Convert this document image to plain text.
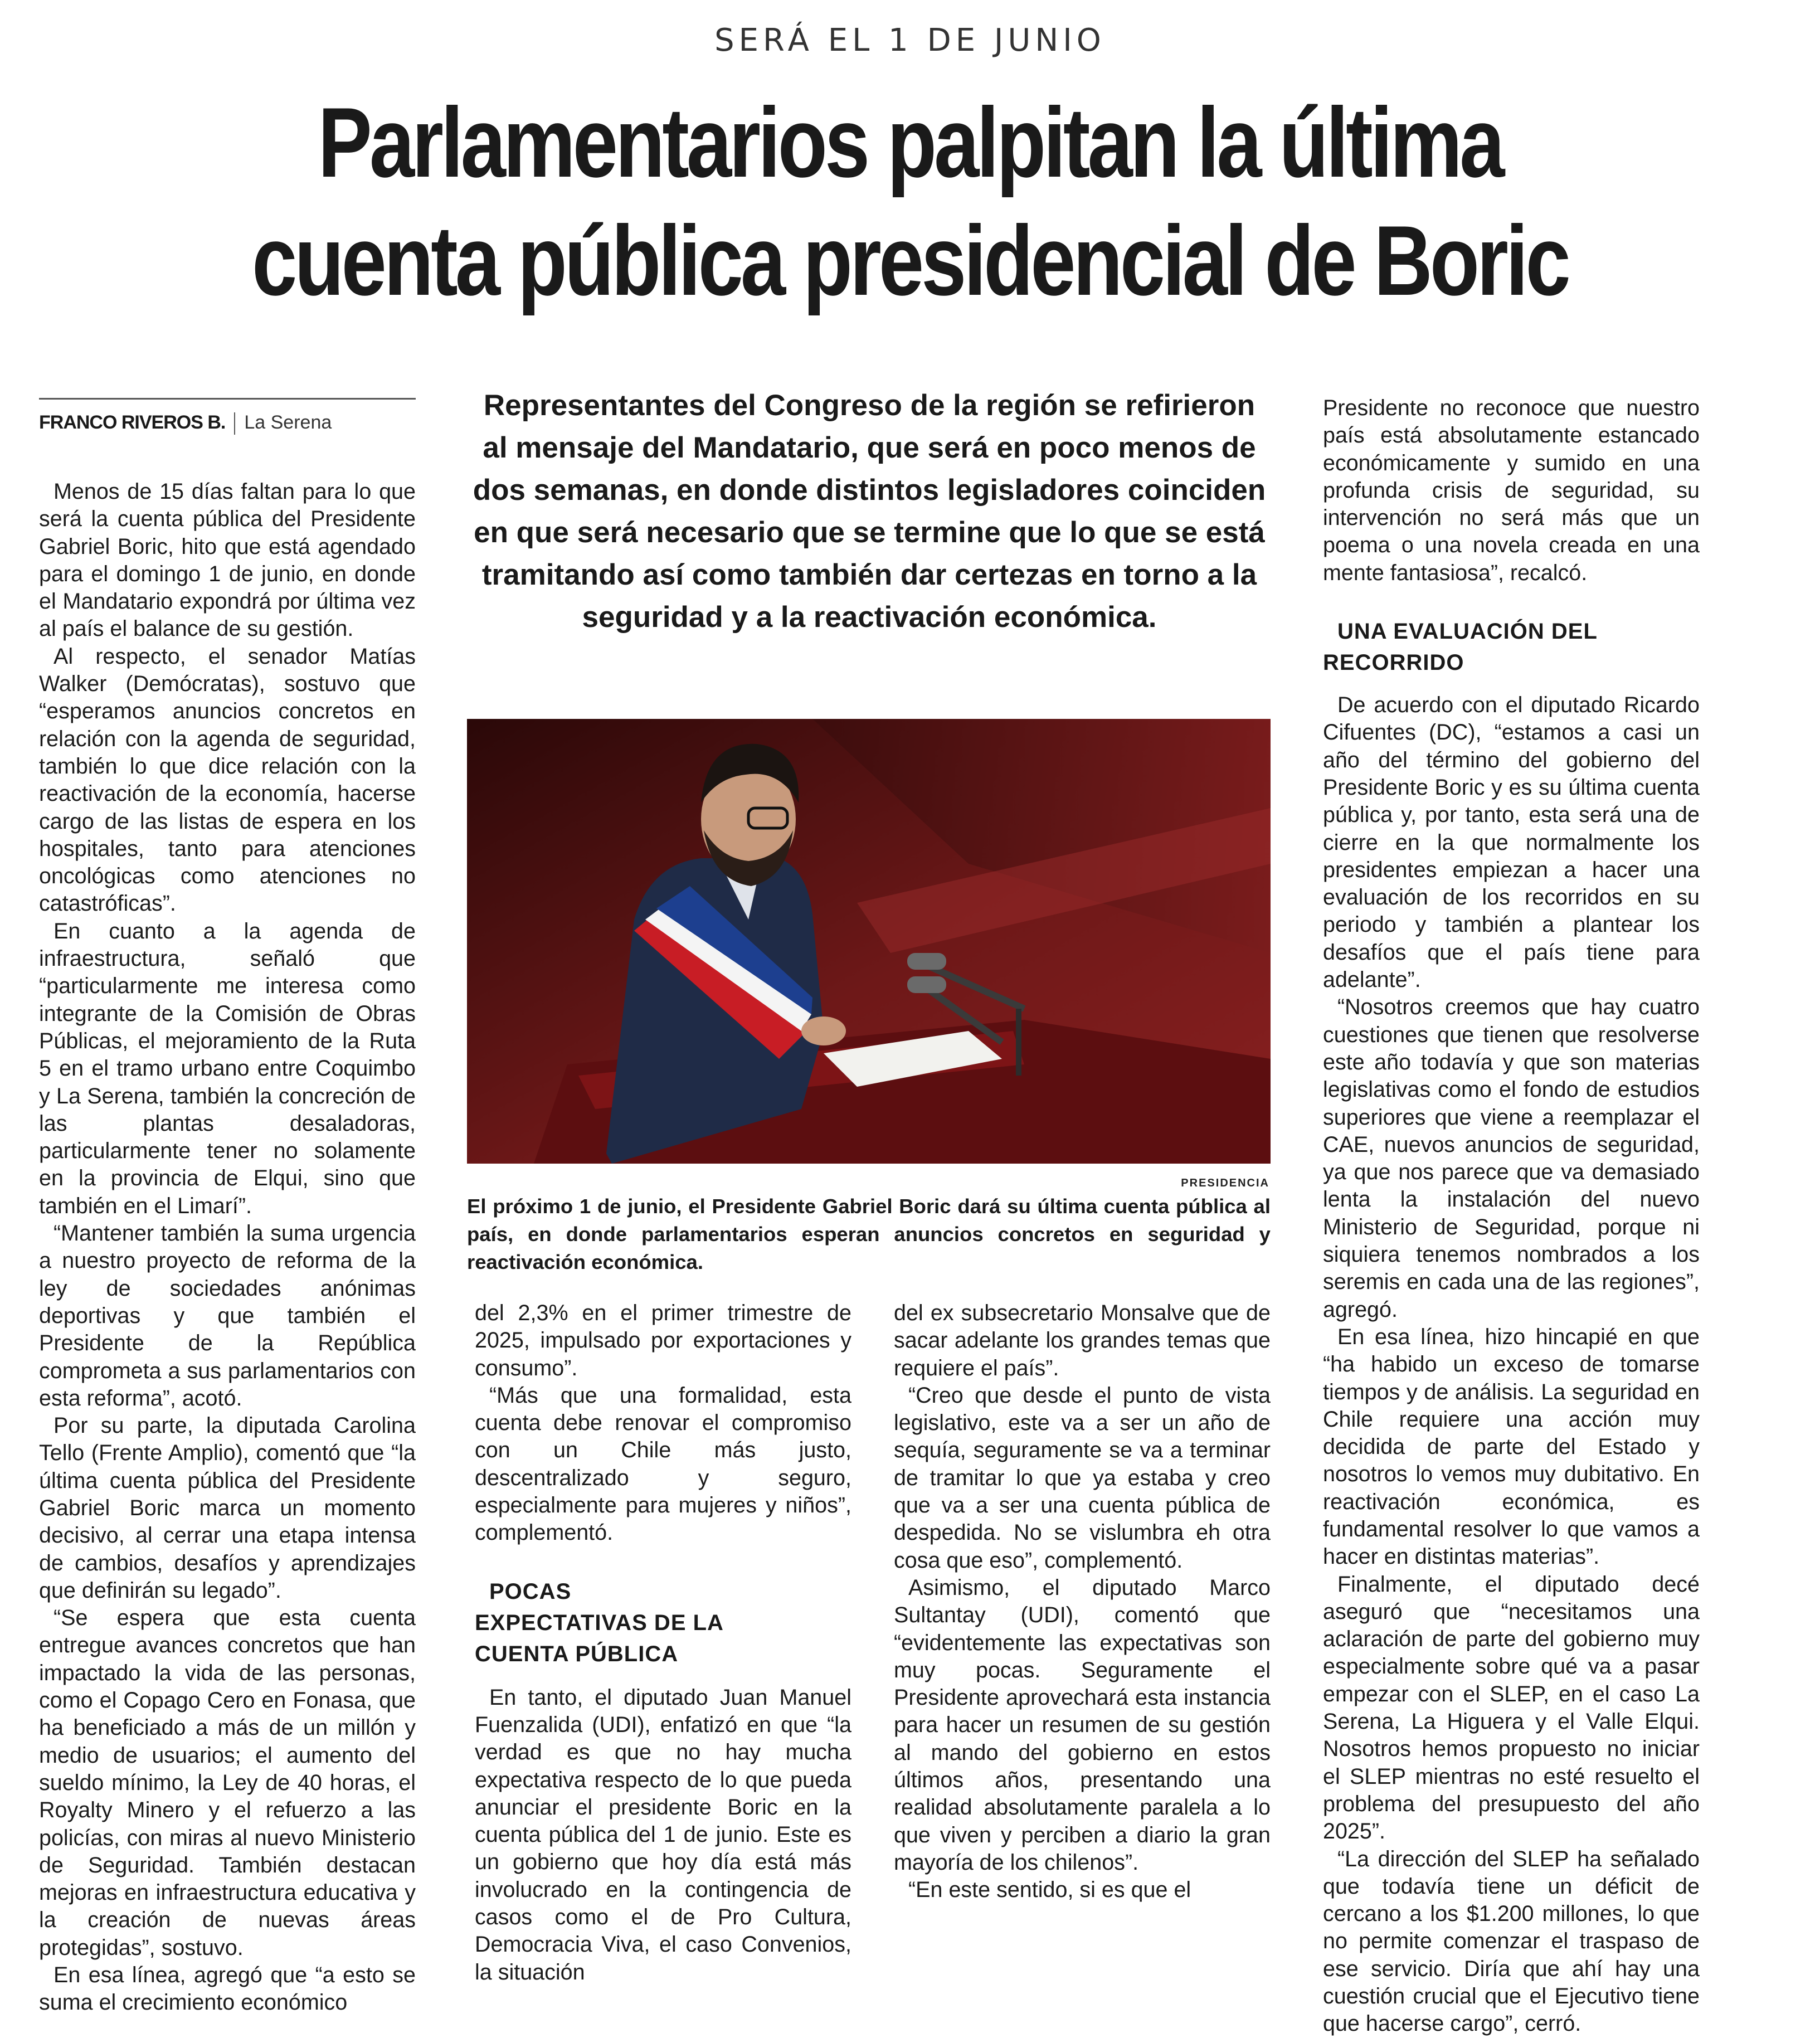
SERÁ EL 1 DE JUNIO
Parlamentarios palpitan la última
cuenta pública presidencial de Boric
FRANCO RIVEROS B. La Serena

Menos de 15 días faltan para lo que será la cuenta pública del Presidente Gabriel Boric, hito que está agendado para el domingo 1 de junio, en donde el Mandatario expondrá por última vez al país el balance de su gestión.

Al respecto, el senador Matías Walker (Demócratas), sostuvo que “esperamos anuncios concretos en relación con la agenda de seguridad, también lo que dice relación con la reactivación de la economía, hacerse cargo de las listas de espera en los hospitales, tanto para atenciones oncológicas como atenciones no catastróficas”.

En cuanto a la agenda de infraestructura, señaló que “particularmente me interesa como integrante de la Comisión de Obras Públicas, el mejoramiento de la Ruta 5 en el tramo urbano entre Coquimbo y La Serena, también la concreción de las plantas desaladoras, particularmente tener no solamente en la provincia de Elqui, sino que también en el Limarí”.

“Mantener también la suma urgencia a nuestro proyecto de reforma de la ley de sociedades anónimas deportivas y que también el Presidente de la República comprometa a sus parlamentarios con esta reforma”, acotó.

Por su parte, la diputada Carolina Tello (Frente Amplio), comentó que “la última cuenta pública del Presidente Gabriel Boric marca un momento decisivo, al cerrar una etapa intensa de cambios, desafíos y aprendizajes que definirán su legado”.

“Se espera que esta cuenta entregue avances concretos que han impactado la vida de las personas, como el Copago Cero en Fonasa, que ha beneficiado a más de un millón y medio de usuarios; el aumento del sueldo mínimo, la Ley de 40 horas, el Royalty Minero y el refuerzo a las policías, con miras al nuevo Ministerio de Seguridad. También destacan mejoras en infraestructura educativa y la creación de nuevas áreas protegidas”, sostuvo.

En esa línea, agregó que “a esto se suma el crecimiento económico

Representantes del Congreso de la región se refirieron al mensaje del Mandatario, que será en poco menos de dos semanas, en donde distintos legisladores coinciden en que será necesario que se termine que lo que se está tramitando así como también dar certezas en torno a la seguridad y a la reactivación económica.
PRESIDENCIA
El próximo 1 de junio, el Presidente Gabriel Boric dará su última cuenta pública al país, en donde parlamentarios esperan anuncios concretos en seguridad y reactivación económica.

del 2,3% en el primer trimestre de 2025, impulsado por exportaciones y consumo”.

“Más que una formalidad, esta cuenta debe renovar el compromiso con un Chile más justo, descentralizado y seguro, especialmente para mujeres y niños”, complementó.

POCAS EXPECTATIVAS DE LA CUENTA PÚBLICA

En tanto, el diputado Juan Manuel Fuenzalida (UDI), enfatizó en que “la verdad es que no hay mucha expectativa respecto de lo que pueda anunciar el presidente Boric en la cuenta pública del 1 de junio. Este es un gobierno que hoy día está más involucrado en la contingencia de casos como el de Pro Cultura, Democracia Viva, el caso Convenios, la situación

del ex subsecretario Monsalve que de sacar adelante los grandes temas que requiere el país”.

“Creo que desde el punto de vista legislativo, este va a ser un año de sequía, seguramente se va a terminar de tramitar lo que ya estaba y creo que va a ser una cuenta pública de despedida. No se vislumbra eh otra cosa que eso”, complementó.

Asimismo, el diputado Marco Sultantay (UDI), comentó que “evidentemente las expectativas son muy pocas. Seguramente el Presidente aprovechará esta instancia para hacer un resumen de su gestión al mando del gobierno en estos últimos años, presentando una realidad absolutamente paralela a lo que viven y perciben a diario la gran mayoría de los chilenos”.

“En este sentido, si es que el

Presidente no reconoce que nuestro país está absolutamente estancado económicamente y sumido en una profunda crisis de seguridad, su intervención no será más que un poema o una novela creada en una mente fantasiosa”, recalcó.

UNA EVALUACIÓN DEL RECORRIDO

De acuerdo con el diputado Ricardo Cifuentes (DC), “estamos a casi un año del término del gobierno del Presidente Boric y es su última cuenta pública y, por tanto, esta será una de cierre en la que normalmente los presidentes empiezan a hacer una evaluación de los recorridos en su periodo y también a plantear los desafíos que el país tiene para adelante”.

“Nosotros creemos que hay cuatro cuestiones que tienen que resolverse este año todavía y que son materias legislativas como el fondo de estudios superiores que viene a reemplazar el CAE, nuevos anuncios de seguridad, ya que nos parece que va demasiado lenta la instalación del nuevo Ministerio de Seguridad, porque ni siquiera tenemos nombrados a los seremis en cada una de las regiones”, agregó.

En esa línea, hizo hincapié en que “ha habido un exceso de tomarse tiempos y de análisis. La seguridad en Chile requiere una acción muy decidida de parte del Estado y nosotros lo vemos muy dubitativo. En reactivación económica, es fundamental resolver lo que vamos a hacer en distintas materias”.

Finalmente, el diputado decé aseguró que “necesitamos una aclaración de parte del gobierno muy especialmente sobre qué va a pasar empezar con el SLEP, en el caso La Serena, La Higuera y el Valle Elqui. Nosotros hemos propuesto no iniciar el SLEP mientras no esté resuelto el problema del presupuesto del año 2025”.

“La dirección del SLEP ha señalado que todavía tiene un déficit de cercano a los $1.200 millones, lo que no permite comenzar el traspaso de ese servicio. Diría que ahí hay una cuestión crucial que el Ejecutivo tiene que hacerse cargo”, cerró.
